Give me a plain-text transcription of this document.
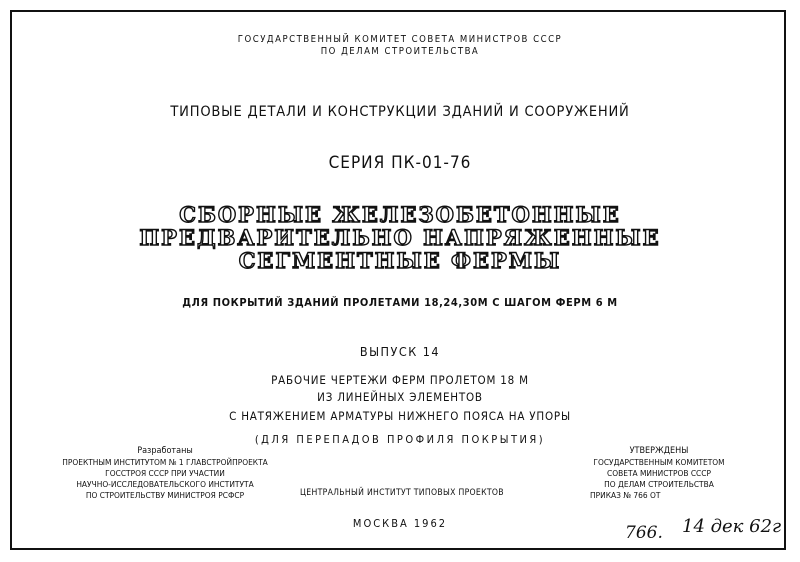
ГОСУДАРСТВЕННЫЙ КОМИТЕТ СОВЕТА МИНИСТРОВ СССР
ПО ДЕЛАМ СТРОИТЕЛЬСТВА
ТИПОВЫЕ ДЕТАЛИ И КОНСТРУКЦИИ ЗДАНИЙ И СООРУЖЕНИЙ
СЕРИЯ ПК-01-76
СБОРНЫЕ ЖЕЛЕЗОБЕТОННЫЕ
ПРЕДВАРИТЕЛЬНО НАПРЯЖЕННЫЕ
СЕГМЕНТНЫЕ ФЕРМЫ
ДЛЯ ПОКРЫТИЙ ЗДАНИЙ ПРОЛЕТАМИ 18,24,30М С ШАГОМ ФЕРМ 6 М
ВЫПУСК 14
РАБОЧИЕ ЧЕРТЕЖИ ФЕРМ ПРОЛЕТОМ 18 М
ИЗ ЛИНЕЙНЫХ ЭЛЕМЕНТОВ
С НАТЯЖЕНИЕМ АРМАТУРЫ НИЖНЕГО ПОЯСА НА УПОРЫ
(ДЛЯ ПЕРЕПАДОВ ПРОФИЛЯ ПОКРЫТИЯ)
Разработаны
ПРОЕКТНЫМ ИНСТИТУТОМ № 1 ГЛАВСТРОЙПРОЕКТА
ГОССТРОЯ СССР ПРИ УЧАСТИИ
НАУЧНО-ИССЛЕДОВАТЕЛЬСКОГО ИНСТИТУТА
ПО СТРОИТЕЛЬСТВУ МИНИСТРОЯ РСФСР	ЦЕНТРАЛЬНЫЙ ИНСТИТУТ ТИПОВЫХ ПРОЕКТОВ
УТВЕРЖДЕНЫ
ГОСУДАРСТВЕННЫМ КОМИТЕТОМ
СОВЕТА МИНИСТРОВ СССР
ПО ДЕЛАМ СТРОИТЕЛЬСТВА
ПРИКАЗ № 766 ОТ
766. 14 дек 62г
МОСКВА 1962
